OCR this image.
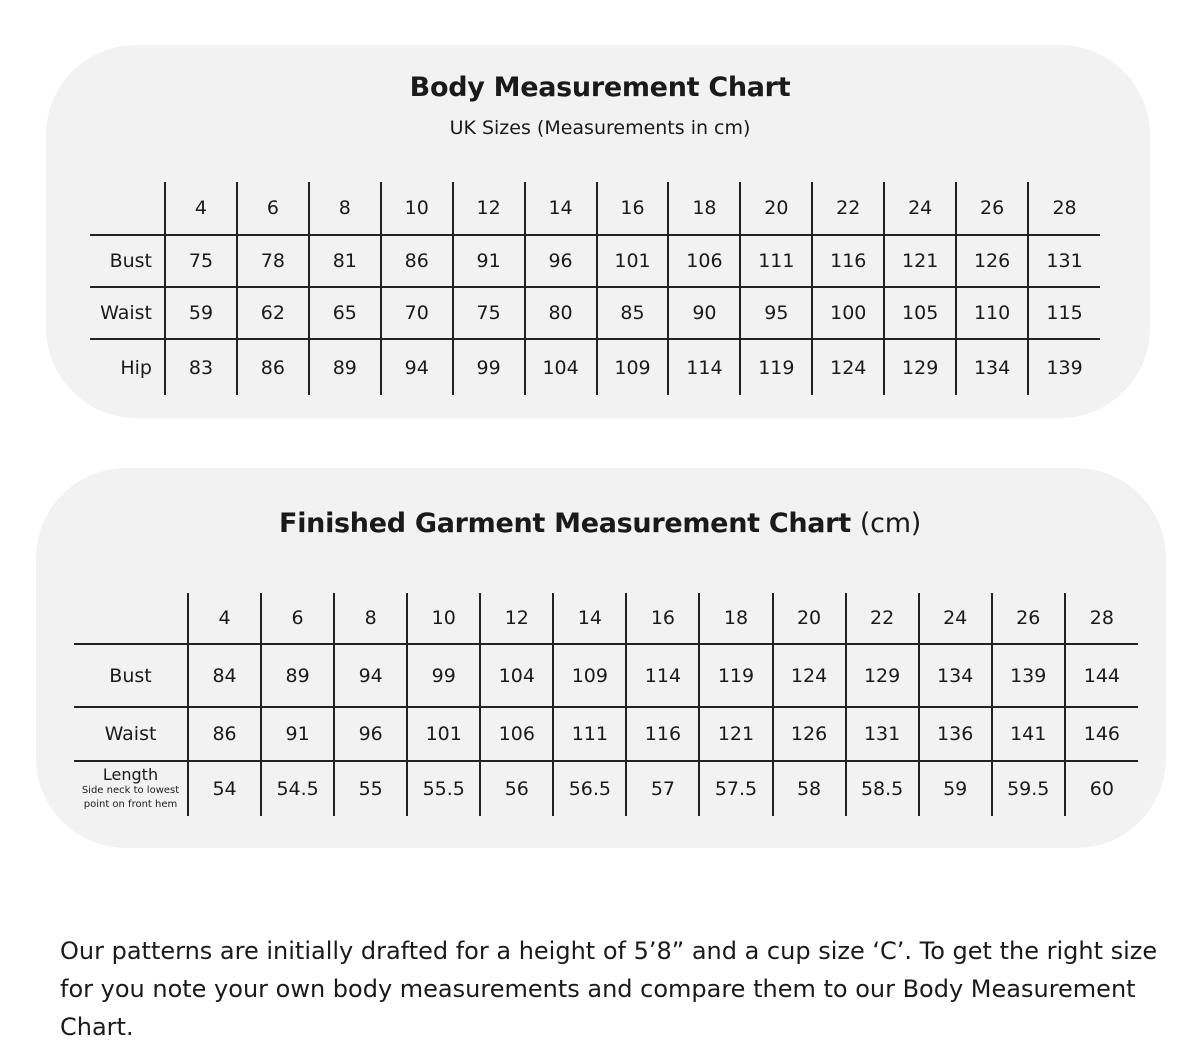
Body Measurement Chart
UK Sizes (Measurements in cm)
	4	6	8	10	12	14	16	18	20	22	24	26	28
Bust	75	78	81	86	91	96	101	106	111	116	121	126	131
Waist	59	62	65	70	75	80	85	90	95	100	105	110	115
Hip	83	86	89	94	99	104	109	114	119	124	129	134	139
Finished Garment Measurement Chart (cm)
	4	6	8	10	12	14	16	18	20	22	24	26	28
Bust	84	89	94	99	104	109	114	119	124	129	134	139	144
Waist	86	91	96	101	106	111	116	121	126	131	136	141	146

Length
Side neck to lowest point on front hem	54	54.5	55	55.5	56	56.5	57	57.5	58	58.5	59	59.5	60
Our patterns are initially drafted for a height of 5’8” and a cup size ‘C’. To get the right size for you note your own body measurements and compare them to our Body Measurement Chart.
